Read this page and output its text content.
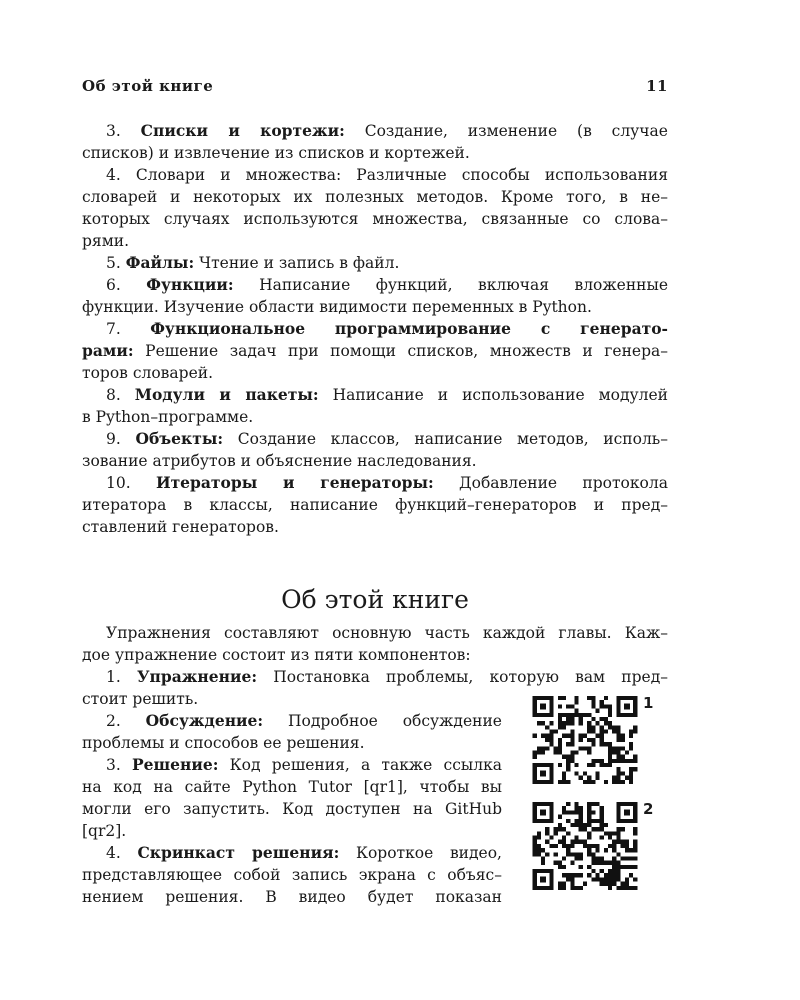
Об этой книге	11
3. Списки и кортежи: Создание, изменение (в случае
списков) и извлечение из списков и кортежей.
4. Словари и множества: Различные способы использования
словарей и некоторых их полезных методов. Кроме того, в не–
которых случаях используются множества, связанные со слова–
рями.
5. Файлы: Чтение и запись в файл.
6. Функции: Написание функций, включая вложенные
функции. Изучение области видимости переменных в Python.
7. Функциональное программирование с генерато-
рами: Решение задач при помощи списков, множеств и генера–
торов словарей.
8. Модули и пакеты: Написание и использование модулей
в Python–программе.
9. Объекты: Создание классов, написание методов, исполь–
зование атрибутов и объяснение наследования.
10. Итераторы и генераторы: Добавление протокола
итератора в классы, написание функций–генераторов и пред–
ставлений генераторов.
Об этой книге
Упражнения составляют основную часть каждой главы. Каж–
дое упражнение состоит из пяти компонентов:
1. Упражнение: Постановка проблемы, которую вам пред–
стоит решить.
2. Обсуждение: Подробное обсуждение
проблемы и способов ее решения.
3. Решение: Код решения, а также ссылка
на код на сайте Python Tutor [qr1], чтобы вы
могли его запустить. Код доступен на GitHub
[qr2].
4. Скринкаст решения: Короткое видео,
представляющее собой запись экрана с объяс–
нением решения. В видео будет показан
1
2
